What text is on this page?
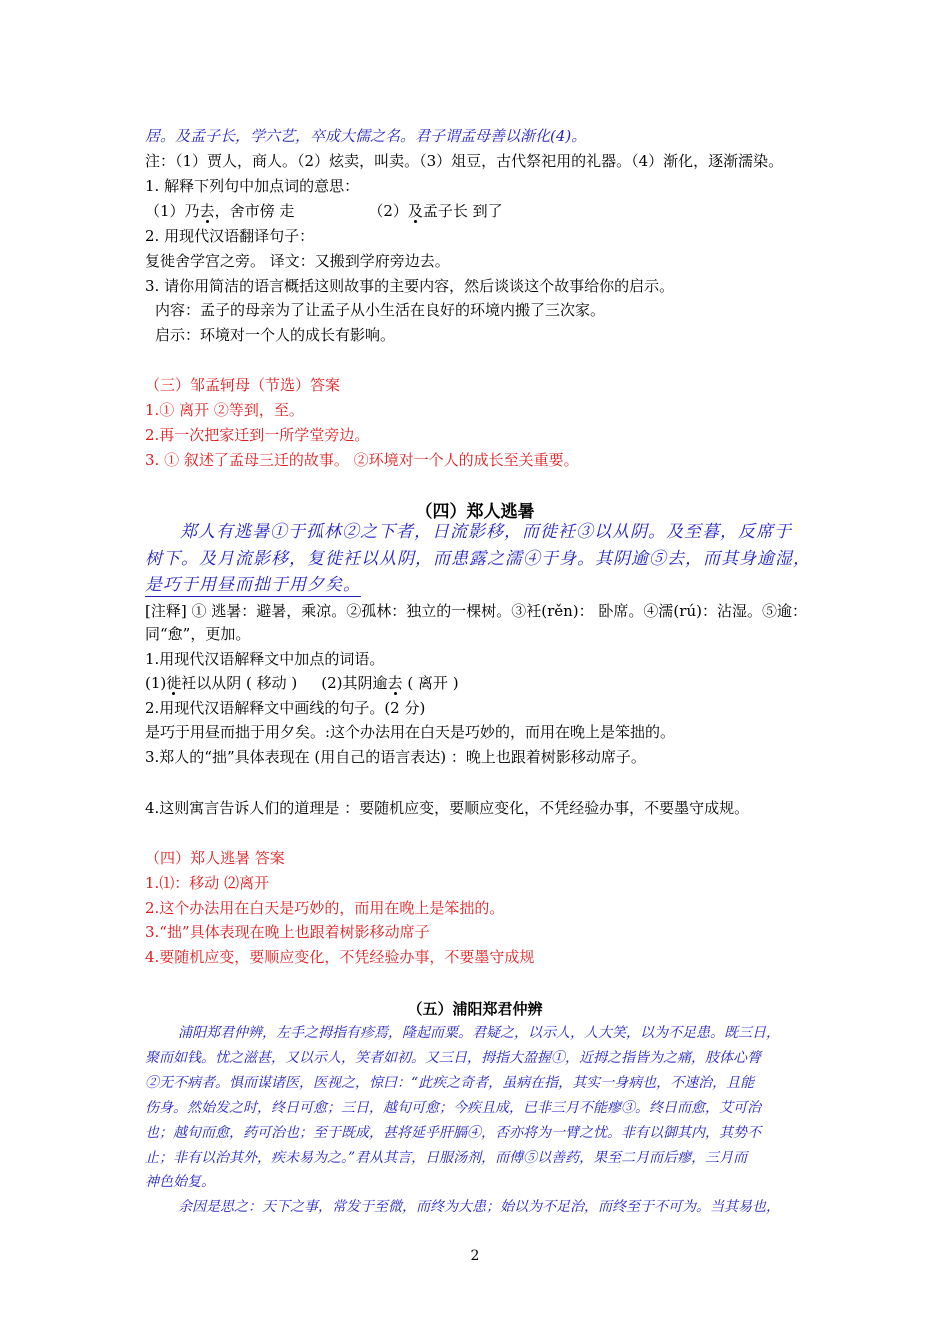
居。及孟子长，学六艺，卒成大儒之名。君子谓孟母善以渐化(4)。
注：（1）贾人，商人。（2）炫卖，叫卖。（3）俎豆，古代祭祀用的礼器。（4）渐化，逐渐濡染。
1. 解释下列句中加点词的意思：
（1）乃去，舍市傍 走	（2）及孟子长 到了
2. 用现代汉语翻译句子：
复徙舍学宫之旁。 译文：又搬到学府旁边去。
3. 请你用简洁的语言概括这则故事的主要内容，然后谈谈这个故事给你的启示。
内容：孟子的母亲为了让孟子从小生活在良好的环境内搬了三次家。
启示：环境对一个人的成长有影响。
（三）邹孟轲母（节选）答案
1.① 离开 ②等到，至。
2.再一次把家迁到一所学堂旁边。
3. ① 叙述了孟母三迁的故事。 ②环境对一个人的成长至关重要。
（四）郑人逃暑
郑人有逃暑①于孤林②之下者，日流影移，而徙衽③以从阴。及至暮，反席于
树下。及月流影移，复徙衽以从阴，而患露之濡④于身。其阴逾⑤去，而其身逾湿，
是巧于用昼而拙于用夕矣。
[注释] ① 逃暑：避暑，乘凉。②孤林：独立的一棵树。③衽(rěn)： 卧席。④濡(rú)：沾湿。⑤逾：
同“愈”，更加。
1.用现代汉语解释文中加点的词语。
(1)徙衽以从阴 ( 移动 ) (2)其阴逾去 ( 离开 )
2.用现代汉语解释文中画线的句子。(2 分)
是巧于用昼而拙于用夕矣。:这个办法用在白天是巧妙的，而用在晚上是笨拙的。
3.郑人的“拙”具体表现在 (用自己的语言表达) ：晚上也跟着树影移动席子。
4.这则寓言告诉人们的道理是 ：要随机应变，要顺应变化，不凭经验办事，不要墨守成规。
（四）郑人逃暑 答案
1.⑴：移动 ⑵离开
2.这个办法用在白天是巧妙的，而用在晚上是笨拙的。
3.“拙”具体表现在晚上也跟着树影移动席子
4.要随机应变，要顺应变化，不凭经验办事，不要墨守成规
（五）浦阳郑君仲辨
浦阳郑君仲辨，左手之拇指有疹焉，隆起而粟。君疑之，以示人，人大笑，以为不足患。既三日，
聚而如钱。忧之滋甚，又以示人，笑者如初。又三日，拇指大盈握①，近拇之指皆为之痛，肢体心膂
②无不病者。惧而谋诸医，医视之，惊曰：“此疾之奇者，虽病在指，其实一身病也，不速治，且能
伤身。然始发之时，终日可愈；三日，越旬可愈；今疾且成，已非三月不能瘳③。终日而愈，艾可治
也；越旬而愈，药可治也；至于既成，甚将延乎肝膈④，否亦将为一臂之忧。非有以御其内，其势不
止；非有以治其外，疾未易为之。”君从其言，日服汤剂，而傅⑤以善药，果至二月而后瘳，三月而
神色始复。
余因是思之：天下之事，常发于至微，而终为大患；始以为不足治，而终至于不可为。当其易也，
2
